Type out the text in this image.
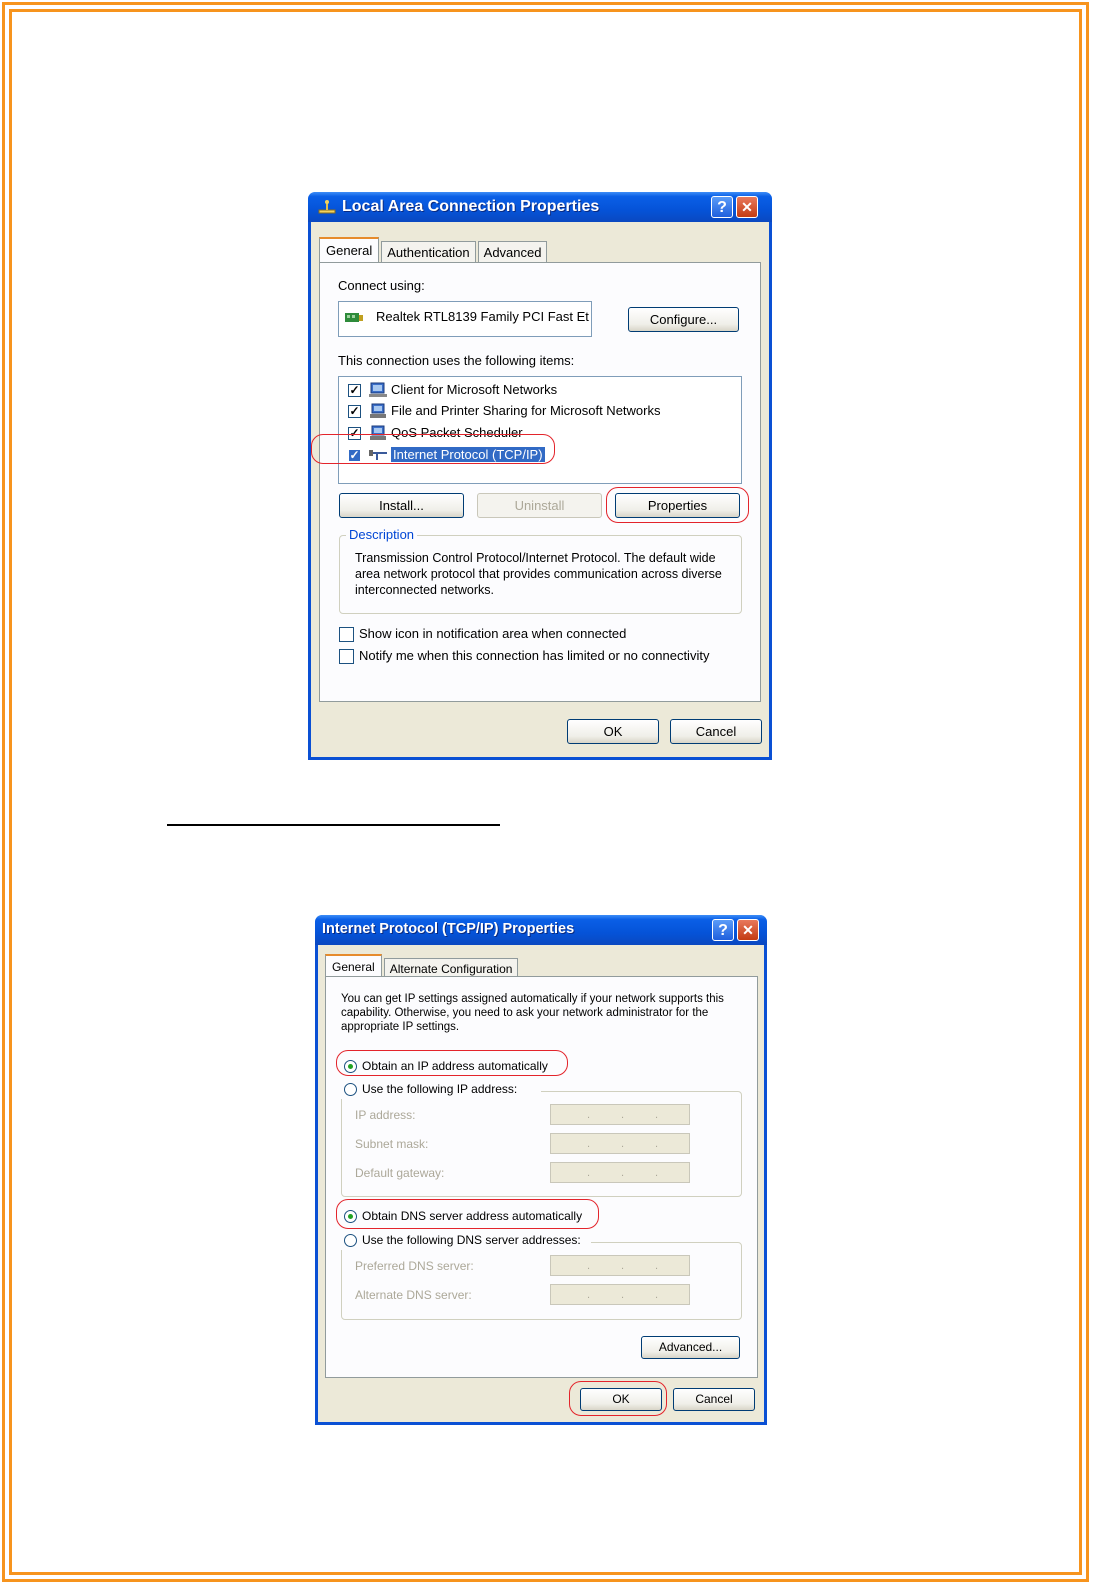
Local Area Connection Properties	?	✕
General	Authentication	Advanced
Connect using:
Realtek RTL8139 Family PCI Fast Et	Configure...
This connection uses the following items:
✓ Client for Microsoft Networks
✓ File and Printer Sharing for Microsoft Networks
✓ QoS Packet Scheduler
✓	Internet Protocol (TCP/IP)
Install...	Uninstall	Properties
Description
Transmission Control Protocol/Internet Protocol. The default wide area network protocol that provides communication across diverse interconnected networks.
Show icon in notification area when connected
Notify me when this connection has limited or no connectivity
OK	Cancel
Internet Protocol (TCP/IP) Properties	?	✕
General	Alternate Configuration
You can get IP settings assigned automatically if your network supports this capability. Otherwise, you need to ask your network administrator for the appropriate IP settings.
Obtain an IP address automatically
Use the following IP address:
IP address:	.	.	.
Subnet mask:	.	.	.
Default gateway:	.	.	.
Obtain DNS server address automatically
Use the following DNS server addresses:
Preferred DNS server:	.	.	.
Alternate DNS server:	.	.	.
Advanced...
OK	Cancel
